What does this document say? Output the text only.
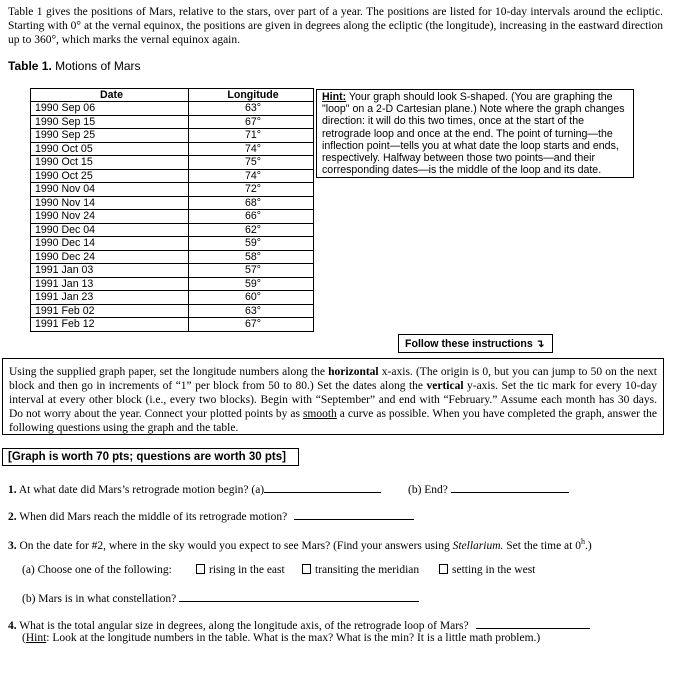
Table 1 gives the positions of Mars, relative to the stars, over part of a year. The positions are listed for 10-day intervals around the ecliptic. Starting with 0° at the vernal equinox, the positions are given in degrees along the ecliptic (the longitude), increasing in the eastward direction up to 360°, which marks the vernal equinox again.
Table 1. Motions of Mars
Date	Longitude
1990 Sep 06	63°
1990 Sep 15	67°
1990 Sep 25	71°
1990 Oct 05	74°
1990 Oct 15	75°
1990 Oct 25	74°
1990 Nov 04	72°
1990 Nov 14	68°
1990 Nov 24	66°
1990 Dec 04	62°
1990 Dec 14	59°
1990 Dec 24	58°
1991 Jan 03	57°
1991 Jan 13	59°
1991 Jan 23	60°
1991 Feb 02	63°
1991 Feb 12	67°
Hint: Your graph should look S-shaped. (You are graphing the "loop" on a 2-D Cartesian plane.) Note where the graph changes direction: it will do this two times, once at the start of the retrograde loop and once at the end. The point of turning—the inflection point—tells you at what date the loop starts and ends, respectively. Halfway between those two points—and their corresponding dates—is the middle of the loop and its date.
Follow these instructions ↴
Using the supplied graph paper, set the longitude numbers along the horizontal x-axis. (The origin is 0, but you can jump to 50 on the next block and then go in increments of “1” per block from 50 to 80.) Set the dates along the vertical y-axis. Set the tic mark for every 10-day interval at every other block (i.e., every two blocks). Begin with “September” and end with “February.” Assume each month has 30 days. Do not worry about the year. Connect your plotted points by as smooth a curve as possible. When you have completed the graph, answer the following questions using the graph and the table.
[Graph is worth 70 pts; questions are worth 30 pts]
1. At what date did Mars’s retrograde motion begin? (a)	(b) End?
2. When did Mars reach the middle of its retrograde motion?
3. On the date for #2, where in the sky would you expect to see Mars? (Find your answers using Stellarium. Set the time at 0$^h$.)
(a) Choose one of the following:	rising in the east	transiting the meridian	setting in the west
(b) Mars is in what constellation?
4. What is the total angular size in degrees, along the longitude axis, of the retrograde loop of Mars?
(Hint: Look at the longitude numbers in the table. What is the max? What is the min? It is a little math problem.)
